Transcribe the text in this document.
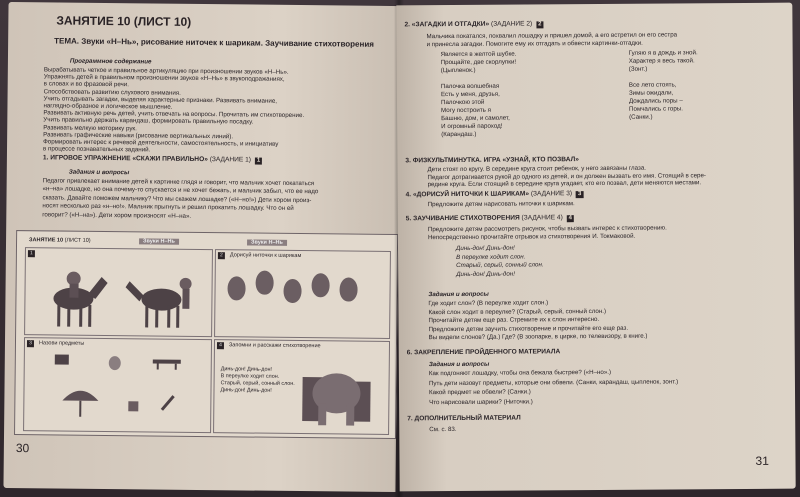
ЗАНЯТИЕ 10 (ЛИСТ 10)
ТЕМА. Звуки «Н–Нь», рисование ниточек к шарикам. Заучивание стихотворения
Программное содержание
Вырабатывать четкое и правильное артикуляцию при произношении звуков «Н–Нь».
Упражнять детей в правильном произношении звуков «Н–Нь» в звукоподражаниях,
в словах и во фразовой речи.
Способствовать развитию слухового внимания.
Учить отгадывать загадки, выделяя характерные признаки. Развивать внимание,
наглядно-образное и логическое мышление.
Развивать активную речь детей, учить отвечать на вопросы. Прочитать им стихотворение.
Учить правильно держать карандаш, формировать правильную посадку.
Развивать мелкую моторику рук.
Развивать графические навыки (рисование вертикальных линий).
Формировать интерес к речевой деятельности, самостоятельность, и инициативу
в процессе познавательных заданий.
1. ИГРОВОЕ УПРАЖНЕНИЕ «СКАЖИ ПРАВИЛЬНО» (ЗАДАНИЕ 1) 1
Задания и вопросы
Педагог привлекает внимание детей к картинке глядя и говорит, что мальчик хочет покататься
«н–на» лошадке, но она почему-то спускается и не хочет бежать, и мальчик забыл, что ее надо
сказать. Давайте поможем мальчику? Что мы скажем лошадке? («Н–но!») Дети хором произ-
носят несколько раз «н–но!». Мальчик прыгнуть и решил прокатить лошадку. Что он ей
говорит? («Н–на»). Дети хором произносят «Н–на».
ЗАНЯТИЕ 10 (ЛИСТ 10)	Звуки Н–Нь	Звуки Н–Нь
1	2	Дорисуй ниточки к шарикам
3	Назови предметы	4	Запомни и расскажи стихотворение
Динь-дон! Динь-дон!
В переулке ходит слон.
Старый, серый, сонный слон.
Динь-дон! Динь-дон!
30
2. «ЗАГАДКИ И ОТГАДКИ» (ЗАДАНИЕ 2) 2
Мальчика покатался, похвалил лошадку и пришел домой, а его встретил он его сестра
и принесла загадки. Помогите ему их отгадать и обвести картинки-отгадки.
Является в желтой шубке.
Прощайте, две скорлупки!
(Цыпленок.)
Палочка волшебная
Есть у меня, друзья,
Палочкою этой
Могу построить я
Башню, дом, и самолет,
И огромный пароход!
(Карандаш.)
Гуляю я в дождь и зной.
Характер я весь такой.
(Зонт.)
Все лето стоять,
Зимы ожидали,
Дождались поры –
Помчались с горы.
(Санки.)
3. ФИЗКУЛЬТМИНУТКА. ИГРА «УЗНАЙ, КТО ПОЗВАЛ»
Дети стоят по кругу. В середине круга стоит ребенок, у него завязаны глаза.
Педагог дотрагивается рукой до одного из детей, и он должен вызвать его имя. Стоящий в сере-
редине круга. Если стоящий в середине круга угадает, кто его позвал, дети меняются местами.
4. «ДОРИСУЙ НИТОЧКИ К ШАРИКАМ» (ЗАДАНИЕ 3) 3
Предложите детям нарисовать ниточки к шарикам.
5. ЗАУЧИВАНИЕ СТИХОТВОРЕНИЯ (ЗАДАНИЕ 4) 4
Предложите детям рассмотреть рисунок, чтобы вызвать интерес к стихотворению.
Непосредственно прочитайте отрывок из стихотворения И. Токмаковой.
Динь-дон! Динь-дон!
В переулке ходит слон.
Старый, серый, сонный слон.
Динь-дон! Динь-дон!
Задания и вопросы
Где ходит слон? (В переулке ходит слон.)
Какой слон ходит в переулке? (Старый, серый, сонный слон.)
Прочитайте детям еще раз. Стремите их к слон интересно.
Предложите детям заучить стихотворение и прочитайте его еще раз.
Вы видели слонов? (Да.) Где? (В зоопарке, в цирке, по телевизору, в книге.)
6. ЗАКРЕПЛЕНИЕ ПРОЙДЕННОГО МАТЕРИАЛА
Задания и вопросы
Как подгоняют лошадку, чтобы она бежала быстрее? («Н–но».)
Путь дети назовут предметы, которые они обвели. (Санки, карандаш, цыпленок, зонт.)
Какой предмет не обвели? (Санки.)
Что нарисовали шарики? (Ниточки.)
7. ДОПОЛНИТЕЛЬНЫЙ МАТЕРИАЛ
См. с. 83.
31
